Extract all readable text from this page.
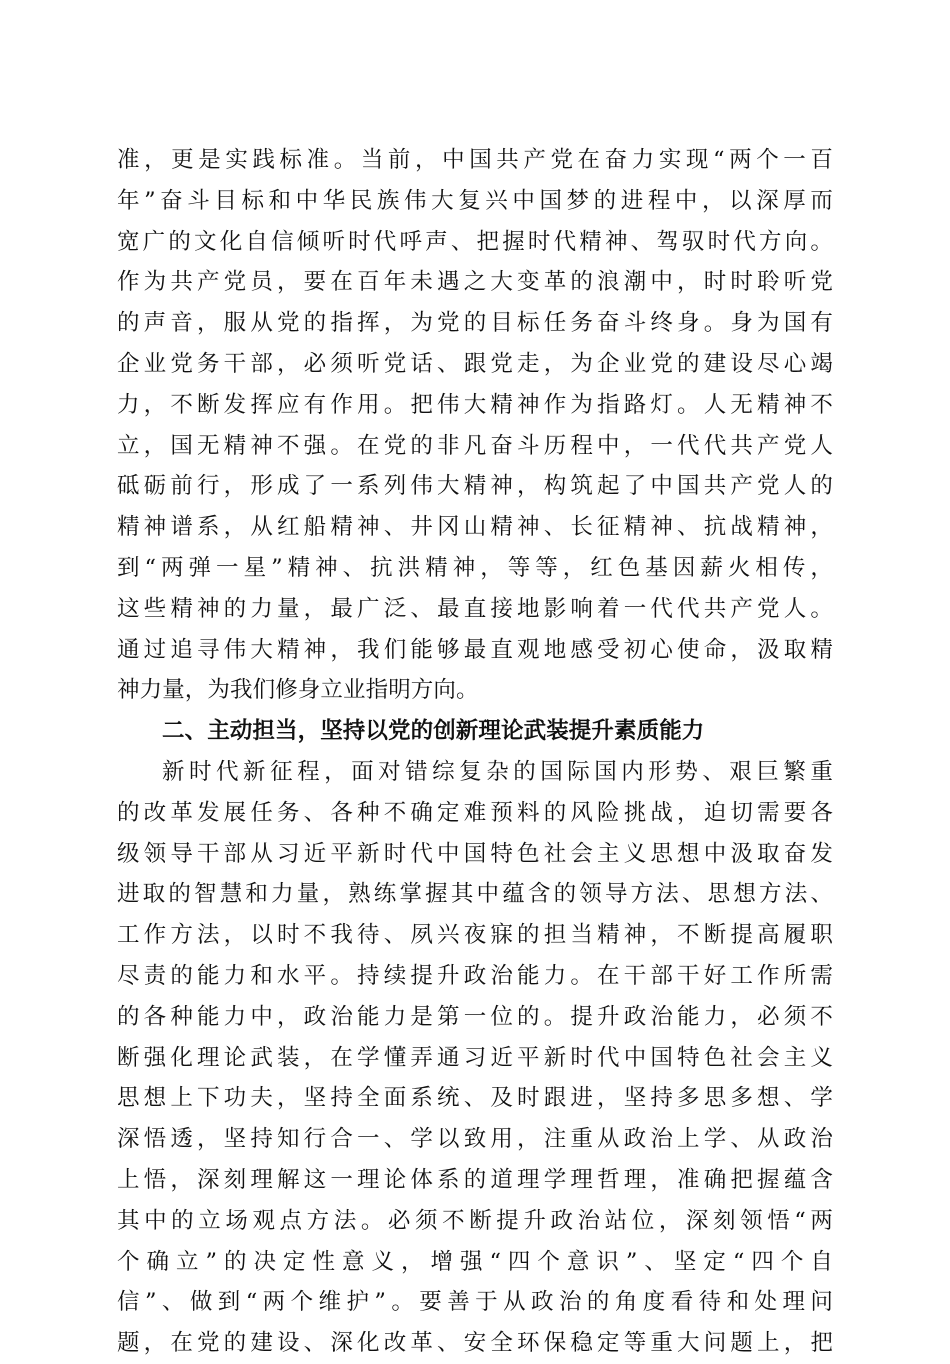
准，更是实践标准。当前，中国共产党在奋力实现“两个一百
年”奋斗目标和中华民族伟大复兴中国梦的进程中，以深厚而
宽广的文化自信倾听时代呼声、把握时代精神、驾驭时代方向。
作为共产党员，要在百年未遇之大变革的浪潮中，时时聆听党
的声音，服从党的指挥，为党的目标任务奋斗终身。身为国有
企业党务干部，必须听党话、跟党走，为企业党的建设尽心竭
力，不断发挥应有作用。把伟大精神作为指路灯。人无精神不
立，国无精神不强。在党的非凡奋斗历程中，一代代共产党人
砥砺前行，形成了一系列伟大精神，构筑起了中国共产党人的
精神谱系，从红船精神、井冈山精神、长征精神、抗战精神，
到“两弹一星”精神、抗洪精神，等等，红色基因薪火相传，
这些精神的力量，最广泛、最直接地影响着一代代共产党人。
通过追寻伟大精神，我们能够最直观地感受初心使命，汲取精
神力量，为我们修身立业指明方向。
二、主动担当，坚持以党的创新理论武装提升素质能力
新时代新征程，面对错综复杂的国际国内形势、艰巨繁重
的改革发展任务、各种不确定难预料的风险挑战，迫切需要各
级领导干部从习近平新时代中国特色社会主义思想中汲取奋发
进取的智慧和力量，熟练掌握其中蕴含的领导方法、思想方法、
工作方法，以时不我待、夙兴夜寐的担当精神，不断提高履职
尽责的能力和水平。持续提升政治能力。在干部干好工作所需
的各种能力中，政治能力是第一位的。提升政治能力，必须不
断强化理论武装，在学懂弄通习近平新时代中国特色社会主义
思想上下功夫，坚持全面系统、及时跟进，坚持多思多想、学
深悟透，坚持知行合一、学以致用，注重从政治上学、从政治
上悟，深刻理解这一理论体系的道理学理哲理，准确把握蕴含
其中的立场观点方法。必须不断提升政治站位，深刻领悟“两
个确立”的决定性意义，增强“四个意识”、坚定“四个自
信”、做到“两个维护”。要善于从政治的角度看待和处理问
题，在党的建设、深化改革、安全环保稳定等重大问题上，把
